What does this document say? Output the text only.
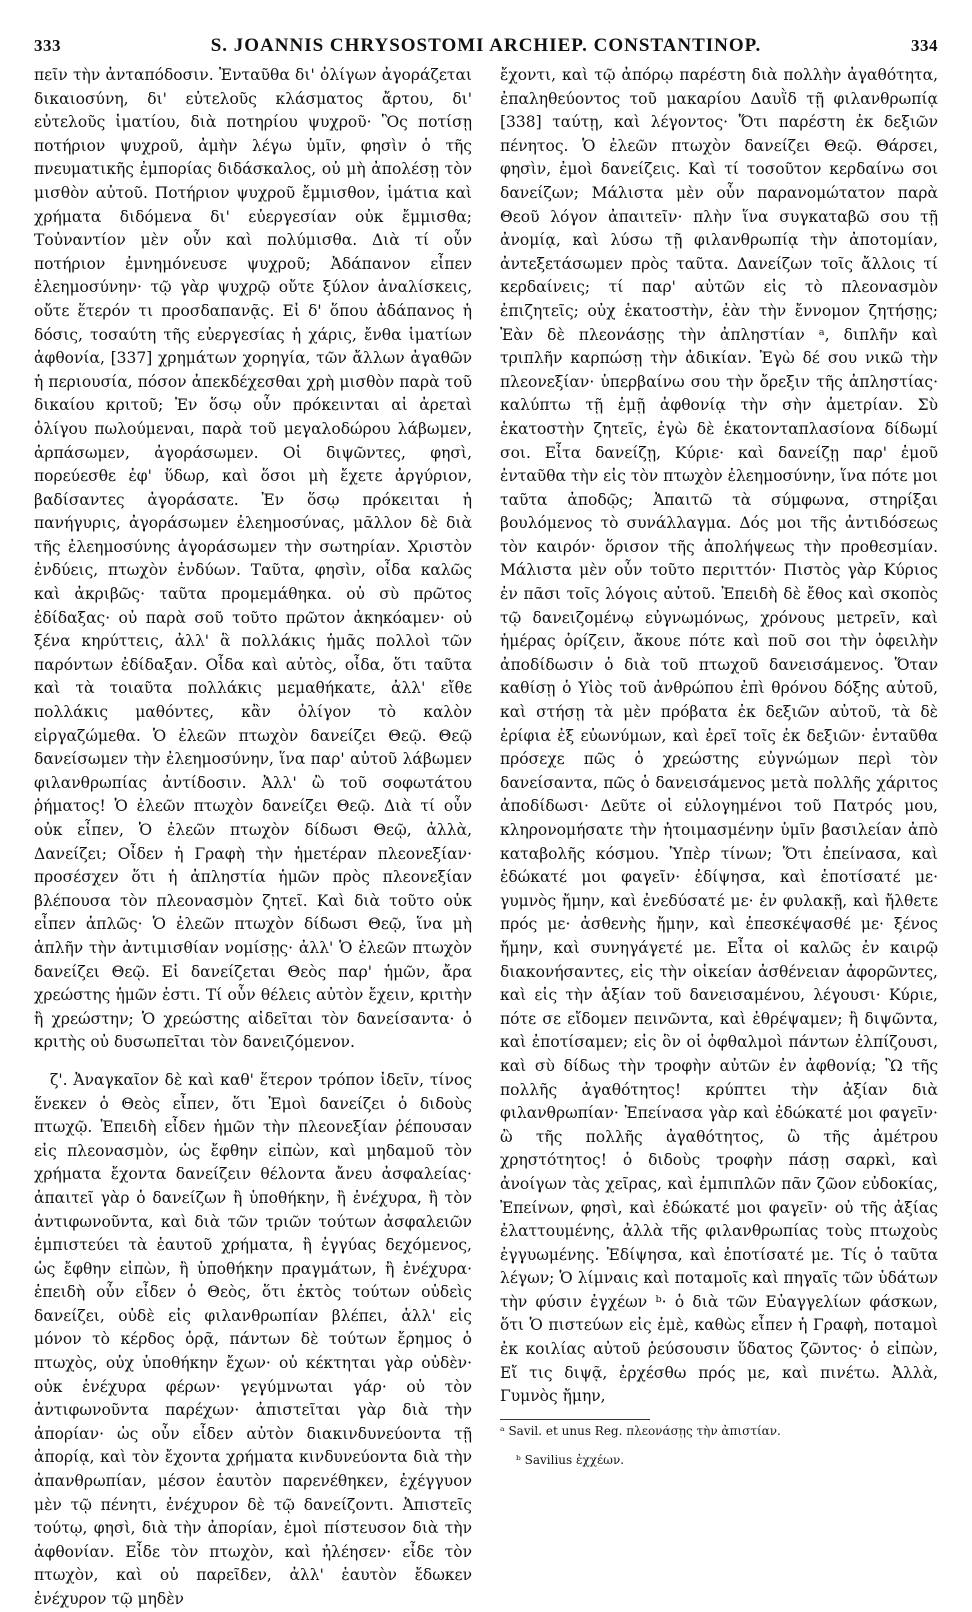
333	S. JOANNIS CHRYSOSTOMI ARCHIEP. CONSTANTINOP.	334

πεῖν τὴν ἀνταπόδοσιν. Ἐνταῦθα δι' ὀλίγων ἀγοράζεται δικαιοσύνη, δι' εὐτελοῦς κλάσματος ἄρτου, δι' εὐτελοῦς ἱματίου, διὰ ποτηρίου ψυχροῦ· Ὃς ποτίσῃ ποτήριον ψυχροῦ, ἀμὴν λέγω ὑμῖν, φησὶν ὁ τῆς πνευματικῆς ἐμπορίας διδάσκαλος, οὐ μὴ ἀπολέσῃ τὸν μισθὸν αὐτοῦ. Ποτήριον ψυχροῦ ἔμμισθον, ἱμάτια καὶ χρήματα διδόμενα δι' εὐεργεσίαν οὐκ ἔμμισθα; Τοὐναντίον μὲν οὖν καὶ πολύμισθα. Διὰ τί οὖν ποτήριον ἐμνημόνευσε ψυχροῦ; Ἀδάπανον εἶπεν ἐλεημοσύνην· τῷ γὰρ ψυχρῷ οὔτε ξύλον ἀναλίσκεις, οὔτε ἕτερόν τι προσδαπανᾷς. Εἰ δ' ὅπου ἀδάπανος ἡ δόσις, τοσαύτη τῆς εὐεργεσίας ἡ χάρις, ἔνθα ἱματίων ἀφθονία, [337] χρημάτων χορηγία, τῶν ἄλλων ἀγαθῶν ἡ περιουσία, πόσον ἀπεκδέχεσθαι χρὴ μισθὸν παρὰ τοῦ δικαίου κριτοῦ; Ἐν ὅσῳ οὖν πρόκεινται αἱ ἀρεταὶ ὀλίγου πωλούμεναι, παρὰ τοῦ μεγαλοδώρου λάβωμεν, ἁρπάσωμεν, ἀγοράσωμεν. Οἱ διψῶντες, φησὶ, πορεύεσθε ἐφ' ὕδωρ, καὶ ὅσοι μὴ ἔχετε ἀργύριον, βαδίσαντες ἀγοράσατε. Ἐν ὅσῳ πρόκειται ἡ πανήγυρις, ἀγοράσωμεν ἐλεημοσύνας, μᾶλλον δὲ διὰ τῆς ἐλεημοσύνης ἀγοράσωμεν τὴν σωτηρίαν. Χριστὸν ἐνδύεις, πτωχὸν ἐνδύων. Ταῦτα, φησὶν, οἶδα καλῶς καὶ ἀκριβῶς· ταῦτα προμεμάθηκα. οὐ σὺ πρῶτος ἐδίδαξας· οὐ παρὰ σοῦ τοῦτο πρῶτον ἀκηκόαμεν· οὐ ξένα κηρύττεις, ἀλλ' ἃ πολλάκις ἡμᾶς πολλοὶ τῶν παρόντων ἐδίδαξαν. Οἶδα καὶ αὐτὸς, οἶδα, ὅτι ταῦτα καὶ τὰ τοιαῦτα πολλάκις μεμαθήκατε, ἀλλ' εἴθε πολλάκις μαθόντες, κἂν ὀλίγον τὸ καλὸν εἰργαζώμεθα. Ὁ ἐλεῶν πτωχὸν δανείζει Θεῷ. Θεῷ δανείσωμεν τὴν ἐλεημοσύνην, ἵνα παρ' αὐτοῦ λάβωμεν φιλανθρωπίας ἀντίδοσιν. Ἀλλ' ὢ τοῦ σοφωτάτου ῥήματος! Ὁ ἐλεῶν πτωχὸν δανείζει Θεῷ. Διὰ τί οὖν οὐκ εἶπεν, Ὁ ἐλεῶν πτωχὸν δίδωσι Θεῷ, ἀλλὰ, Δανείζει; Οἶδεν ἡ Γραφὴ τὴν ἡμετέραν πλεονεξίαν· προσέσχεν ὅτι ἡ ἀπληστία ἡμῶν πρὸς πλεονεξίαν βλέπουσα τὸν πλεονασμὸν ζητεῖ. Καὶ διὰ τοῦτο οὐκ εἶπεν ἁπλῶς· Ὁ ἐλεῶν πτωχὸν δίδωσι Θεῷ, ἵνα μὴ ἁπλῆν τὴν ἀντιμισθίαν νομίσῃς· ἀλλ' Ὁ ἐλεῶν πτωχὸν δανείζει Θεῷ. Εἰ δανείζεται Θεὸς παρ' ἡμῶν, ἄρα χρεώστης ἡμῶν ἐστι. Τί οὖν θέλεις αὐτὸν ἔχειν, κριτὴν ἢ χρεώστην; Ὁ χρεώστης αἰδεῖται τὸν δανείσαντα· ὁ κριτὴς οὐ δυσωπεῖται τὸν δανειζόμενον.

ζ'. Ἀναγκαῖον δὲ καὶ καθ' ἕτερον τρόπον ἰδεῖν, τίνος ἕνεκεν ὁ Θεὸς εἶπεν, ὅτι Ἐμοὶ δανείζει ὁ διδοὺς πτωχῷ. Ἐπειδὴ εἶδεν ἡμῶν τὴν πλεονεξίαν ῥέπουσαν εἰς πλεονασμὸν, ὡς ἔφθην εἰπὼν, καὶ μηδαμοῦ τὸν χρήματα ἔχοντα δανείζειν θέλοντα ἄνευ ἀσφαλείας· ἀπαιτεῖ γὰρ ὁ δανείζων ἢ ὑποθήκην, ἢ ἐνέχυρα, ἢ τὸν ἀντιφωνοῦντα, καὶ διὰ τῶν τριῶν τούτων ἀσφαλειῶν ἐμπιστεύει τὰ ἑαυτοῦ χρήματα, ἢ ἐγγύας δεχόμενος, ὡς ἔφθην εἰπὼν, ἢ ὑποθήκην πραγμάτων, ἢ ἐνέχυρα· ἐπειδὴ οὖν εἶδεν ὁ Θεὸς, ὅτι ἐκτὸς τούτων οὐδεὶς δανείζει, οὐδὲ εἰς φιλανθρωπίαν βλέπει, ἀλλ' εἰς μόνον τὸ κέρδος ὁρᾷ, πάντων δὲ τούτων ἔρημος ὁ πτωχὸς, οὐχ ὑποθήκην ἔχων· οὐ κέκτηται γὰρ οὐδὲν· οὐκ ἐνέχυρα φέρων· γεγύμνωται γάρ· οὐ τὸν ἀντιφωνοῦντα παρέχων· ἀπιστεῖται γὰρ διὰ τὴν ἀπορίαν· ὡς οὖν εἶδεν αὐτὸν διακινδυνεύοντα τῇ ἀπορίᾳ, καὶ τὸν ἔχοντα χρήματα κινδυνεύοντα διὰ τὴν ἀπανθρωπίαν, μέσον ἑαυτὸν παρενέθηκεν, ἐχέγγυον μὲν τῷ πένητι, ἐνέχυρον δὲ τῷ δανείζοντι. Ἀπιστεῖς τούτῳ, φησὶ, διὰ τὴν ἀπορίαν, ἐμοὶ πίστευσον διὰ τὴν ἀφθονίαν. Εἶδε τὸν πτωχὸν, καὶ ἠλέησεν· εἶδε τὸν πτωχὸν, καὶ οὐ παρεῖδεν, ἀλλ' ἑαυτὸν ἔδωκεν ἐνέχυρον τῷ μηδὲν

ἔχοντι, καὶ τῷ ἀπόρῳ παρέστη διὰ πολλὴν ἀγαθότητα, ἐπαληθεύοντος τοῦ μακαρίου Δαυῒδ τῇ φιλανθρωπίᾳ [338] ταύτῃ, καὶ λέγοντος· Ὅτι παρέστη ἐκ δεξιῶν πένητος. Ὁ ἐλεῶν πτωχὸν δανείζει Θεῷ. Θάρσει, φησὶν, ἐμοὶ δανείζεις. Καὶ τί τοσοῦτον κερδαίνω σοι δανείζων; Μάλιστα μὲν οὖν παρανομώτατον παρὰ Θεοῦ λόγον ἀπαιτεῖν· πλὴν ἵνα συγκαταβῶ σου τῇ ἀνομίᾳ, καὶ λύσω τῇ φιλανθρωπίᾳ τὴν ἀποτομίαν, ἀντεξετάσωμεν πρὸς ταῦτα. Δανείζων τοῖς ἄλλοις τί κερδαίνεις; τί παρ' αὐτῶν εἰς τὸ πλεονασμὸν ἐπιζητεῖς; οὐχ ἑκατοστὴν, ἐὰν τὴν ἔννομον ζητήσῃς; Ἐὰν δὲ πλεονάσῃς τὴν ἀπληστίαν ᵃ, διπλῆν καὶ τριπλῆν καρπώσῃ τὴν ἀδικίαν. Ἐγὼ δέ σου νικῶ τὴν πλεονεξίαν· ὑπερβαίνω σου τὴν ὄρεξιν τῆς ἀπληστίας· καλύπτω τῇ ἐμῇ ἀφθονίᾳ τὴν σὴν ἀμετρίαν. Σὺ ἑκατοστὴν ζητεῖς, ἐγὼ δὲ ἑκατονταπλασίονα δίδωμί σοι. Εἶτα δανείζῃ, Κύριε· καὶ δανείζῃ παρ' ἐμοῦ ἐνταῦθα τὴν εἰς τὸν πτωχὸν ἐλεημοσύνην, ἵνα πότε μοι ταῦτα ἀποδῷς; Ἀπαιτῶ τὰ σύμφωνα, στηρίξαι βουλόμενος τὸ συνάλλαγμα. Δός μοι τῆς ἀντιδόσεως τὸν καιρόν· ὅρισον τῆς ἀπολήψεως τὴν προθεσμίαν. Μάλιστα μὲν οὖν τοῦτο περιττόν· Πιστὸς γὰρ Κύριος ἐν πᾶσι τοῖς λόγοις αὐτοῦ. Ἐπειδὴ δὲ ἔθος καὶ σκοπὸς τῷ δανειζομένῳ εὐγνωμόνως, χρόνους μετρεῖν, καὶ ἡμέρας ὁρίζειν, ἄκουε πότε καὶ ποῦ σοι τὴν ὀφειλὴν ἀποδίδωσιν ὁ διὰ τοῦ πτωχοῦ δανεισάμενος. Ὅταν καθίσῃ ὁ Υἱὸς τοῦ ἀνθρώπου ἐπὶ θρόνου δόξης αὐτοῦ, καὶ στήσῃ τὰ μὲν πρόβατα ἐκ δεξιῶν αὐτοῦ, τὰ δὲ ἐρίφια ἐξ εὐωνύμων, καὶ ἐρεῖ τοῖς ἐκ δεξιῶν· ἐνταῦθα πρόσεχε πῶς ὁ χρεώστης εὐγνώμων περὶ τὸν δανείσαντα, πῶς ὁ δανεισάμενος μετὰ πολλῆς χάριτος ἀποδίδωσι· Δεῦτε οἱ εὐλογημένοι τοῦ Πατρός μου, κληρονομήσατε τὴν ἡτοιμασμένην ὑμῖν βασιλείαν ἀπὸ καταβολῆς κόσμου. Ὑπὲρ τίνων; Ὅτι ἐπείνασα, καὶ ἐδώκατέ μοι φαγεῖν· ἐδίψησα, καὶ ἐποτίσατέ με· γυμνὸς ἤμην, καὶ ἐνεδύσατέ με· ἐν φυλακῇ, καὶ ἤλθετε πρός με· ἀσθενὴς ἤμην, καὶ ἐπεσκέψασθέ με· ξένος ἤμην, καὶ συνηγάγετέ με. Εἶτα οἱ καλῶς ἐν καιρῷ διακονήσαντες, εἰς τὴν οἰκείαν ἀσθένειαν ἀφορῶντες, καὶ εἰς τὴν ἀξίαν τοῦ δανεισαμένου, λέγουσι· Κύριε, πότε σε εἴδομεν πεινῶντα, καὶ ἐθρέψαμεν; ἢ διψῶντα, καὶ ἐποτίσαμεν; εἰς ὃν οἱ ὀφθαλμοὶ πάντων ἐλπίζουσι, καὶ σὺ δίδως τὴν τροφὴν αὐτῶν ἐν ἀφθονίᾳ; Ὢ τῆς πολλῆς ἀγαθότητος! κρύπτει τὴν ἀξίαν διὰ φιλανθρωπίαν· Ἐπείνασα γὰρ καὶ ἐδώκατέ μοι φαγεῖν· ὢ τῆς πολλῆς ἀγαθότητος, ὢ τῆς ἀμέτρου χρηστότητος! ὁ διδοὺς τροφὴν πάσῃ σαρκὶ, καὶ ἀνοίγων τὰς χεῖρας, καὶ ἐμπιπλῶν πᾶν ζῶον εὐδοκίας, Ἐπείνων, φησὶ, καὶ ἐδώκατέ μοι φαγεῖν· οὐ τῆς ἀξίας ἐλαττουμένης, ἀλλὰ τῆς φιλανθρωπίας τοὺς πτωχοὺς ἐγγυωμένης. Ἐδίψησα, καὶ ἐποτίσατέ με. Τίς ὁ ταῦτα λέγων; Ὁ λίμναις καὶ ποταμοῖς καὶ πηγαῖς τῶν ὑδάτων τὴν φύσιν ἐγχέων ᵇ· ὁ διὰ τῶν Εὐαγγελίων φάσκων, ὅτι Ὁ πιστεύων εἰς ἐμὲ, καθὼς εἶπεν ἡ Γραφὴ, ποταμοὶ ἐκ κοιλίας αὐτοῦ ῥεύσουσιν ὕδατος ζῶντος· ὁ εἰπὼν, Εἴ τις διψᾷ, ἐρχέσθω πρός με, καὶ πινέτω. Ἀλλὰ, Γυμνὸς ἤμην,

ᵃ Savil. et unus Reg. πλεονάσῃς τὴν ἀπιστίαν.

ᵇ Savilius ἐχχέων.
